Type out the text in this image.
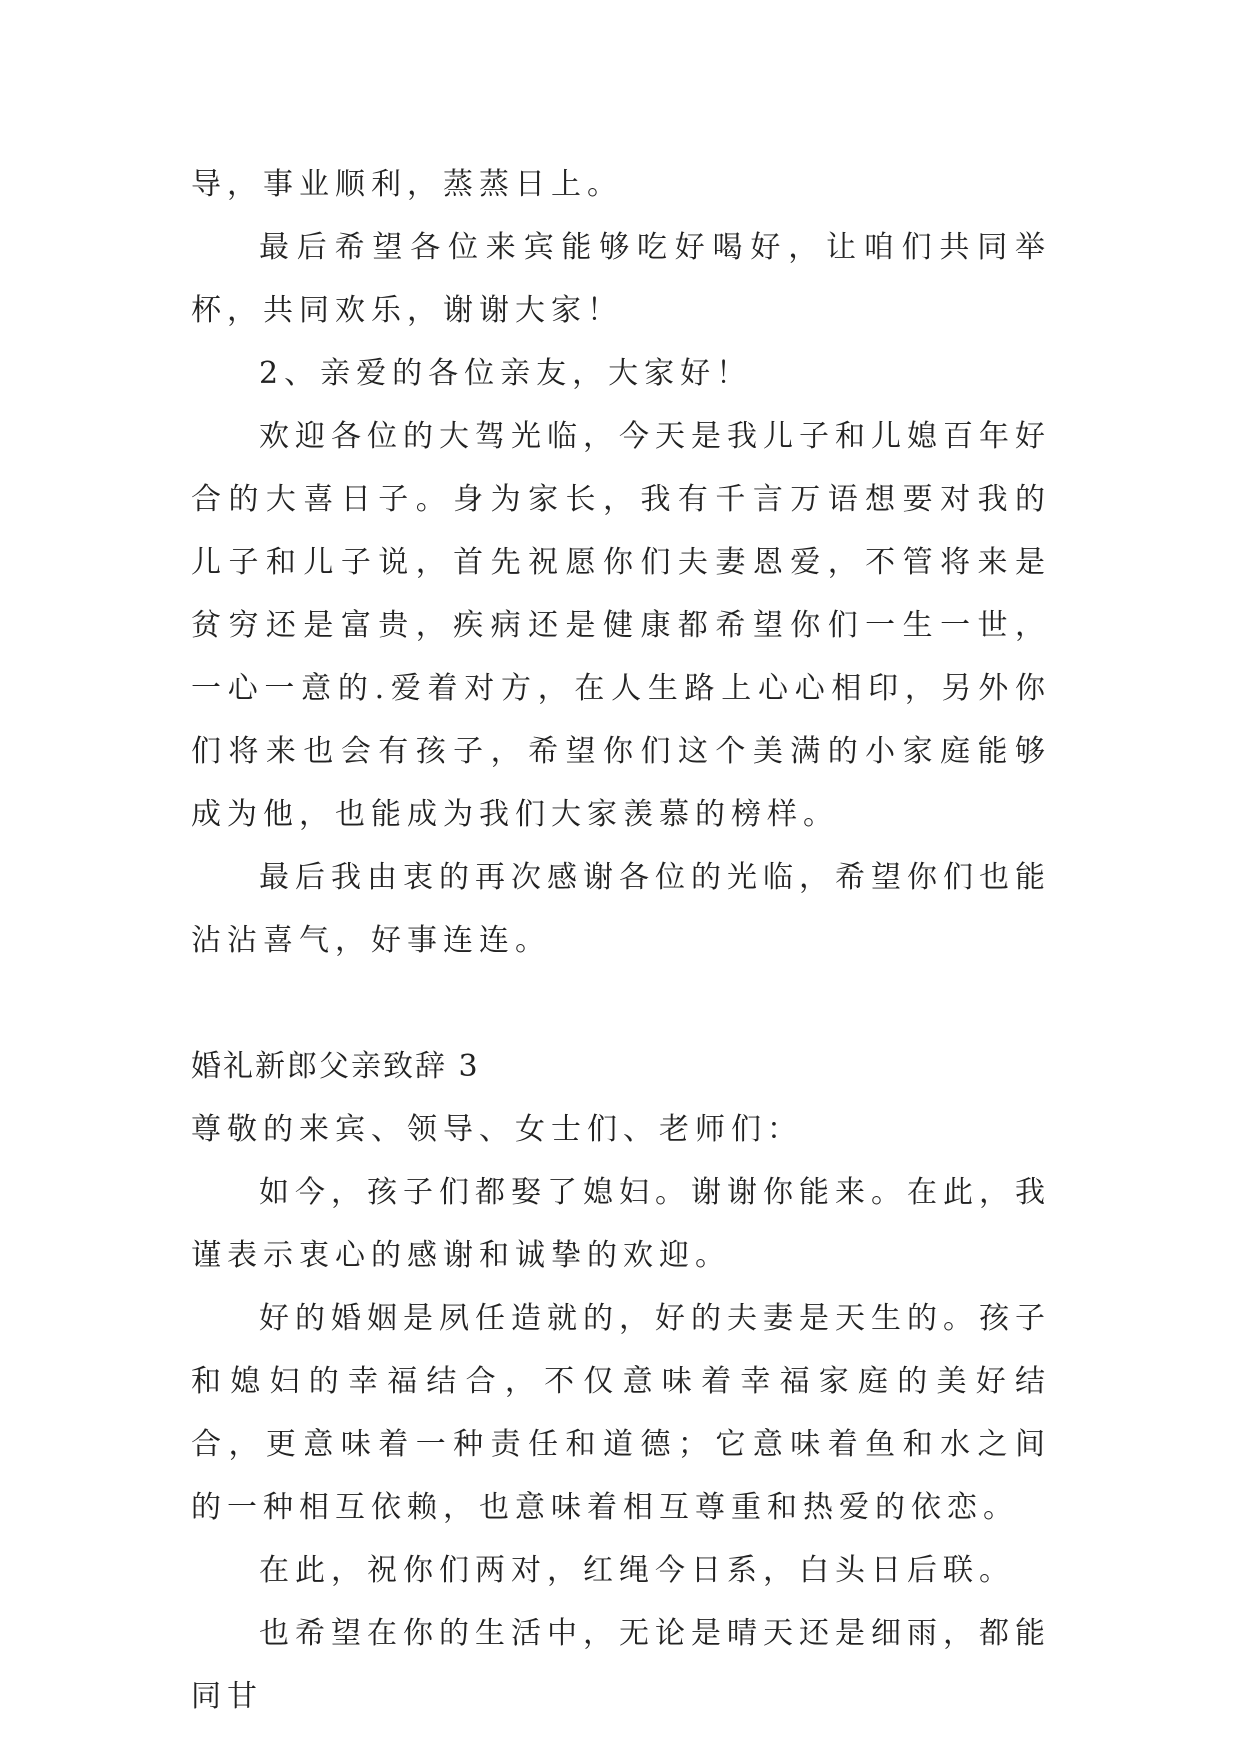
导，事业顺利，蒸蒸日上。

最后希望各位来宾能够吃好喝好，让咱们共同举杯，共同欢乐，谢谢大家！

2、亲爱的各位亲友，大家好！

欢迎各位的大驾光临，今天是我儿子和儿媳百年好合的大喜日子。身为家长，我有千言万语想要对我的儿子和儿子说，首先祝愿你们夫妻恩爱，不管将来是贫穷还是富贵，疾病还是健康都希望你们一生一世，一心一意的.爱着对方，在人生路上心心相印，另外你们将来也会有孩子，希望你们这个美满的小家庭能够成为他，也能成为我们大家羡慕的榜样。

最后我由衷的再次感谢各位的光临，希望你们也能沾沾喜气，好事连连。

婚礼新郎父亲致辞 3

尊敬的来宾、领导、女士们、老师们：

如今，孩子们都娶了媳妇。谢谢你能来。在此，我谨表示衷心的感谢和诚挚的欢迎。

好的婚姻是夙任造就的，好的夫妻是天生的。孩子和媳妇的幸福结合，不仅意味着幸福家庭的美好结合，更意味着一种责任和道德；它意味着鱼和水之间的一种相互依赖，也意味着相互尊重和热爱的依恋。

在此，祝你们两对，红绳今日系，白头日后联。

也希望在你的生活中，无论是晴天还是细雨，都能同甘
